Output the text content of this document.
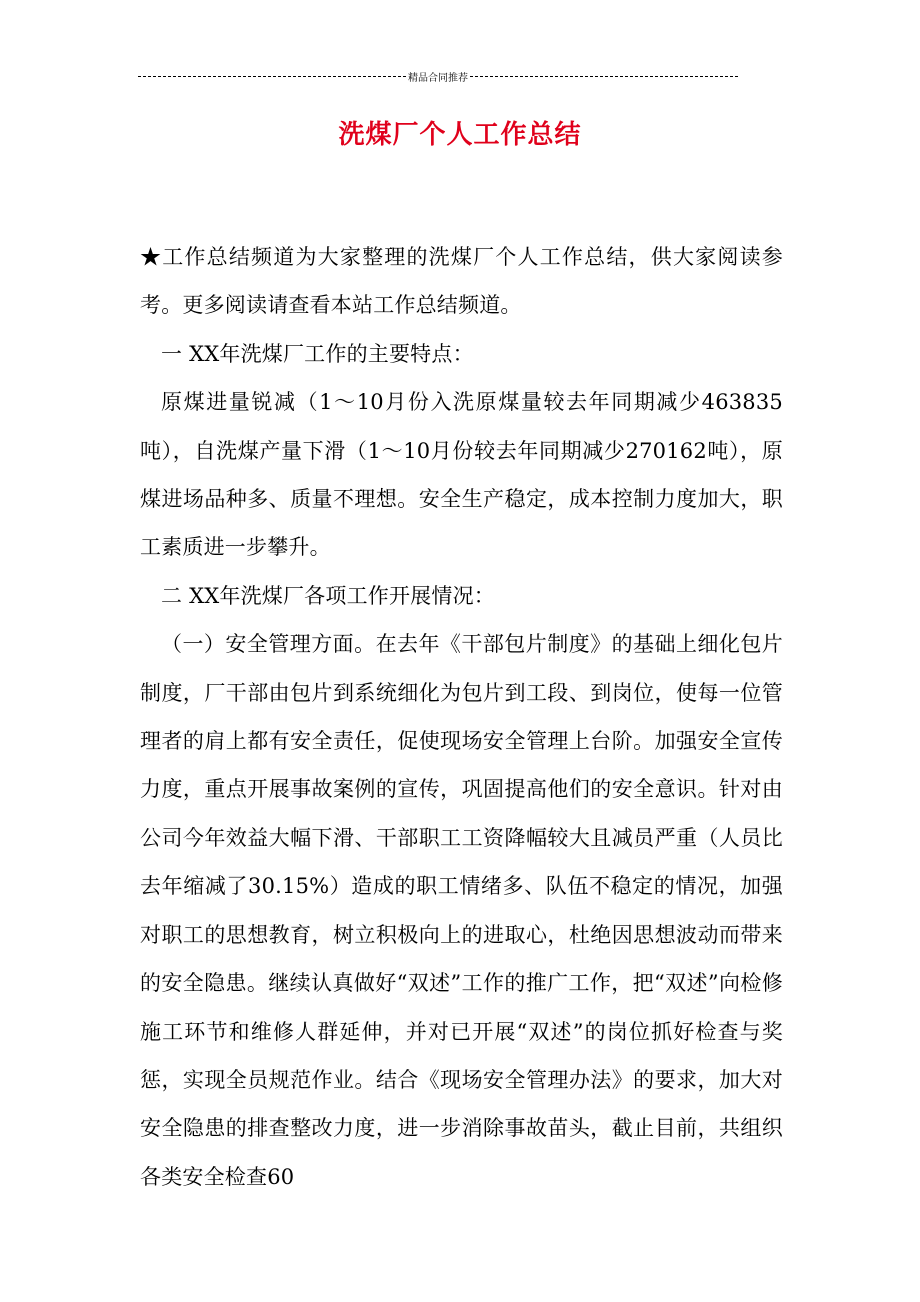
精品合同推荐
洗煤厂个人工作总结

★工作总结频道为大家整理的洗煤厂个人工作总结，供大家阅读参考。更多阅读请查看本站工作总结频道。

一 XX年洗煤厂工作的主要特点：

原煤进量锐减（1～10月份入洗原煤量较去年同期减少463835吨），自洗煤产量下滑（1～10月份较去年同期减少270162吨），原煤进场品种多、质量不理想。安全生产稳定，成本控制力度加大，职工素质进一步攀升。

二 XX年洗煤厂各项工作开展情况：

（一）安全管理方面。在去年《干部包片制度》的基础上细化包片制度，厂干部由包片到系统细化为包片到工段、到岗位，使每一位管理者的肩上都有安全责任，促使现场安全管理上台阶。加强安全宣传力度，重点开展事故案例的宣传，巩固提高他们的安全意识。针对由公司今年效益大幅下滑、干部职工工资降幅较大且减员严重（人员比去年缩减了30.15%）造成的职工情绪多、队伍不稳定的情况，加强对职工的思想教育，树立积极向上的进取心，杜绝因思想波动而带来的安全隐患。继续认真做好“双述”工作的推广工作，把“双述”向检修施工环节和维修人群延伸，并对已开展“双述”的岗位抓好检查与奖惩，实现全员规范作业。结合《现场安全管理办法》的要求，加大对安全隐患的排查整改力度，进一步消除事故苗头，截止目前，共组织各类安全检查60
